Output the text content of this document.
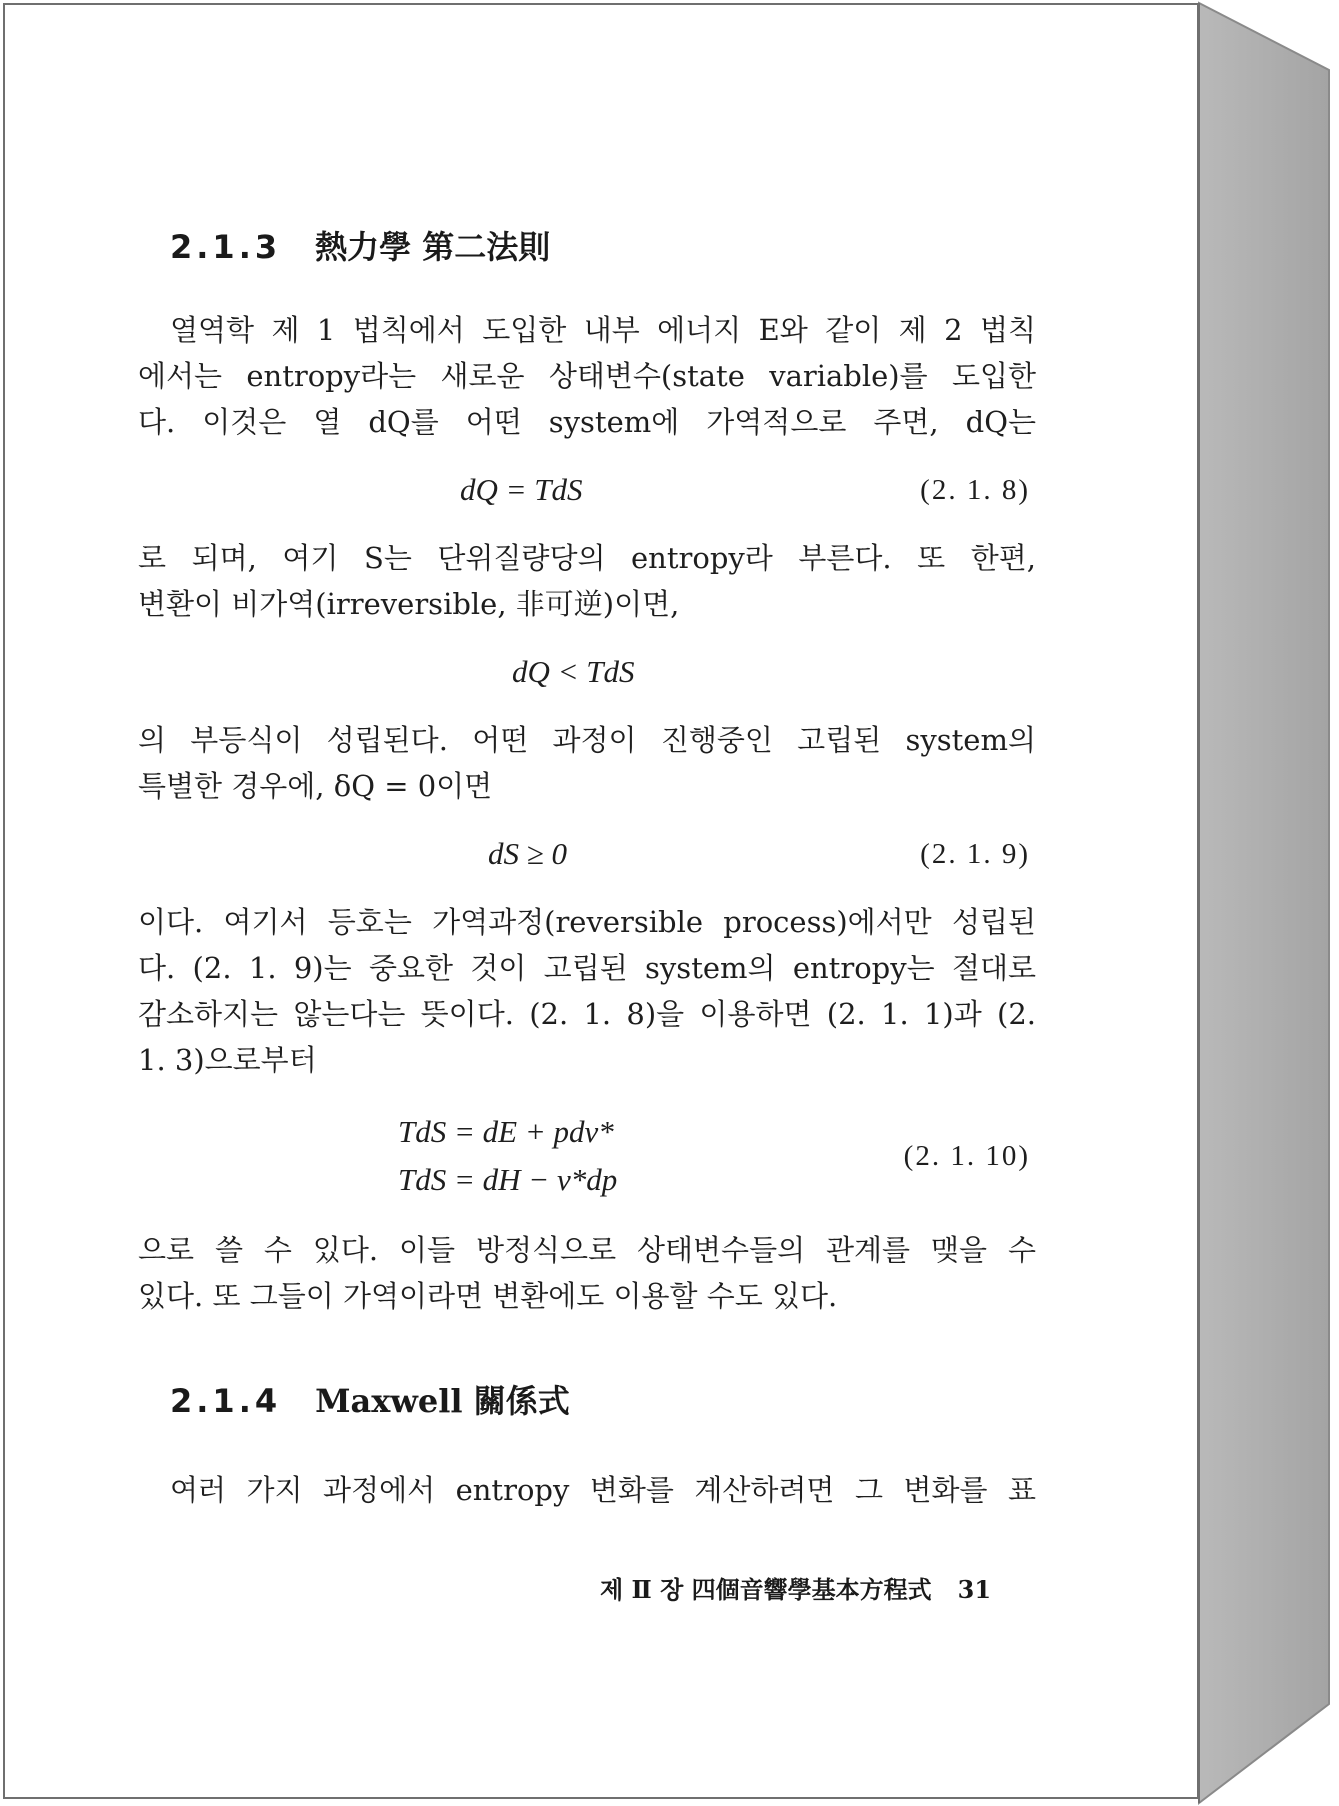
2.1.3 熱力學 第二法則
열역학 제 1 법칙에서 도입한 내부 에너지 E와 같이 제 2 법칙
에서는 entropy라는 새로운 상태변수(state variable)를 도입한
다. 이것은 열 dQ를 어떤 system에 가역적으로 주면, dQ는
dQ = TdS	(2. 1. 8)
로 되며, 여기 S는 단위질량당의 entropy라 부른다. 또 한편,
변환이 비가역(irreversible, 非可逆)이면,
dQ < TdS
의 부등식이 성립된다. 어떤 과정이 진행중인 고립된 system의
특별한 경우에, δQ = 0이면
dS ≥ 0	(2. 1. 9)
이다. 여기서 등호는 가역과정(reversible process)에서만 성립된
다. (2. 1. 9)는 중요한 것이 고립된 system의 entropy는 절대로
감소하지는 않는다는 뜻이다. (2. 1. 8)을 이용하면 (2. 1. 1)과 (2.
1. 3)으로부터
TdS = dE + pdv*
TdS = dH − v*dp
(2. 1. 10)
으로 쓸 수 있다. 이들 방정식으로 상태변수들의 관계를 맺을 수
있다. 또 그들이 가역이라면 변환에도 이용할 수도 있다.
2.1.4 Maxwell 關係式
여러 가지 과정에서 entropy 변화를 계산하려면 그 변화를 표
제 Ⅱ 장 四個音響學基本方程式 31
